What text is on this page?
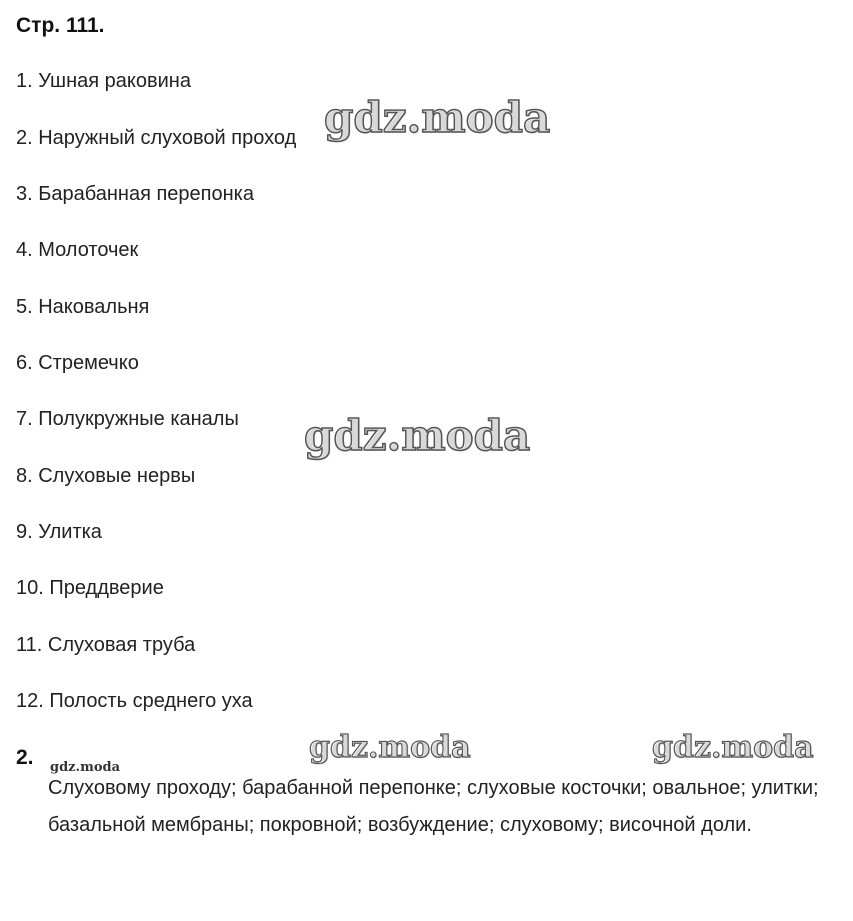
Стр. 111.
1. Ушная раковина
2. Наружный слуховой проход
3. Барабанная перепонка
4. Молоточек
5. Наковальня
6. Стремечко
7. Полукружные каналы
8. Слуховые нервы
9. Улитка
10. Преддверие
11. Слуховая труба
12. Полость среднего уха
2.
Слуховому проходу; барабанной перепонке; слуховые косточки; овальное; улитки; базальной мембраны; покровной; возбуждение; слуховому; височной доли.
gdz.moda
gdz.moda
gdz.moda	gdz.moda
gdz.moda
